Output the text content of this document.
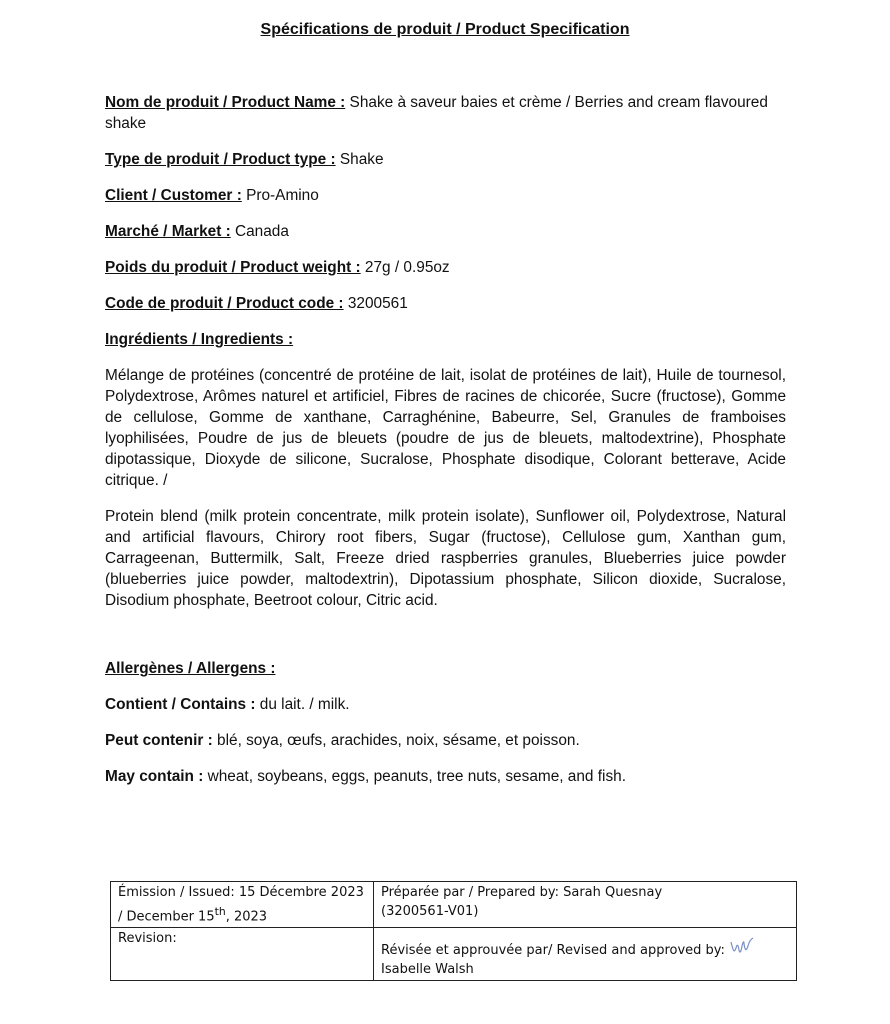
Spécifications de produit / Product Specification

Nom de produit / Product Name : Shake à saveur baies et crème / Berries and cream flavoured shake

Type de produit / Product type : Shake

Client / Customer : Pro-Amino

Marché / Market : Canada

Poids du produit / Product weight : 27g / 0.95oz

Code de produit / Product code : 3200561

Ingrédients / Ingredients :

Mélange de protéines (concentré de protéine de lait, isolat de protéines de lait), Huile de tournesol, Polydextrose, Arômes naturel et artificiel, Fibres de racines de chicorée, Sucre (fructose), Gomme de cellulose, Gomme de xanthane, Carraghénine, Babeurre, Sel, Granules de framboises lyophilisées, Poudre de jus de bleuets (poudre de jus de bleuets, maltodextrine), Phosphate dipotassique, Dioxyde de silicone, Sucralose, Phosphate disodique, Colorant betterave, Acide citrique. /

Protein blend (milk protein concentrate, milk protein isolate), Sunflower oil, Polydextrose, Natural and artificial flavours, Chirory root fibers, Sugar (fructose), Cellulose gum, Xanthan gum, Carrageenan, Buttermilk, Salt, Freeze dried raspberries granules, Blueberries juice powder (blueberries juice powder, maltodextrin), Dipotassium phosphate, Silicon dioxide, Sucralose, Disodium phosphate, Beetroot colour, Citric acid.

Allergènes / Allergens :

Contient / Contains : du lait. / milk.

Peut contenir : blé, soya, œufs, arachides, noix, sésame, et poisson.

May contain : wheat, soybeans, eggs, peanuts, tree nuts, sesame, and fish.

Émission / Issued: 15 Décembre 2023
/ December 15th, 2023	Préparée par / Prepared by: Sarah Quesnay
(3200561-V01)
Revision:	Révisée et approuvée par/ Revised and approved by:
Isabelle Walsh
